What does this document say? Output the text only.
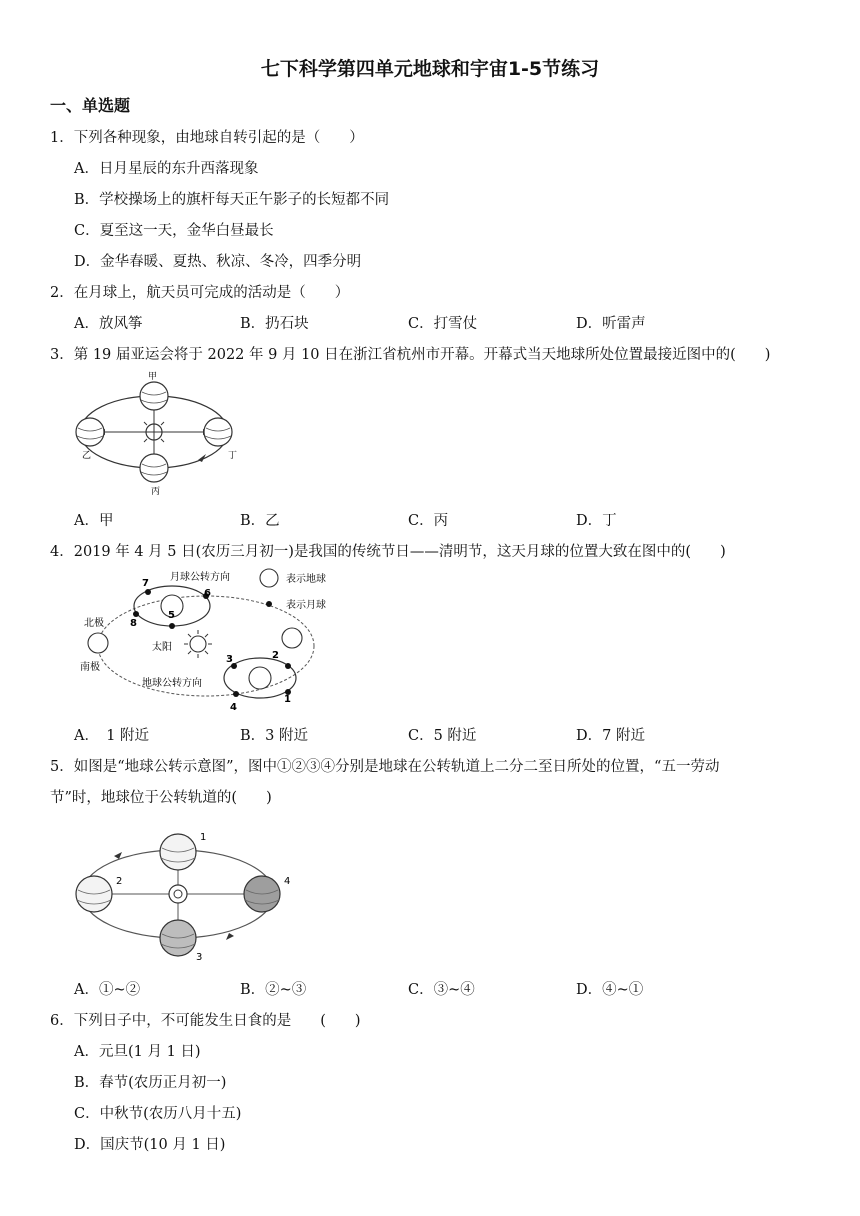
七下科学第四单元地球和宇宙1-5节练习
一、单选题
1．下列各种现象，由地球自转引起的是（　　）
A．日月星辰的东升西落现象
B．学校操场上的旗杆每天正午影子的长短都不同
C．夏至这一天，金华白昼最长
D．金华春暖、夏热、秋凉、冬冷，四季分明
2．在月球上，航天员可完成的活动是（　　）
A．放风筝	B．扔石块	C．打雪仗	D．听雷声
3．第 19 届亚运会将于 2022 年 9 月 10 日在浙江省杭州市开幕。开幕式当天地球所处位置最接近图中的(　　)
甲
乙
丙
丁
A．甲	B．乙	C．丙	D．丁
4．2019 年 4 月 5 日(农历三月初一)是我国的传统节日——清明节，这天月球的位置大致在图中的(　　)
7
6
5
8
3	2
4
1
月球公转方向
地球公转方向
太阳
北极
南极
表示地球
表示月球
A．　1 附近	B．3 附近	C．5 附近	D．7 附近
5．如图是“地球公转示意图”，图中①②③④分别是地球在公转轨道上二分二至日所处的位置，“五一劳动
节”时，地球位于公转轨道的(　　)
1
2
3
4
A．①~②	B．②~③	C．③~④	D．④~①
6．下列日子中，不可能发生日食的是　　(　　)
A．元旦(1 月 1 日)
B．春节(农历正月初一)
C．中秋节(农历八月十五)
D．国庆节(10 月 1 日)
